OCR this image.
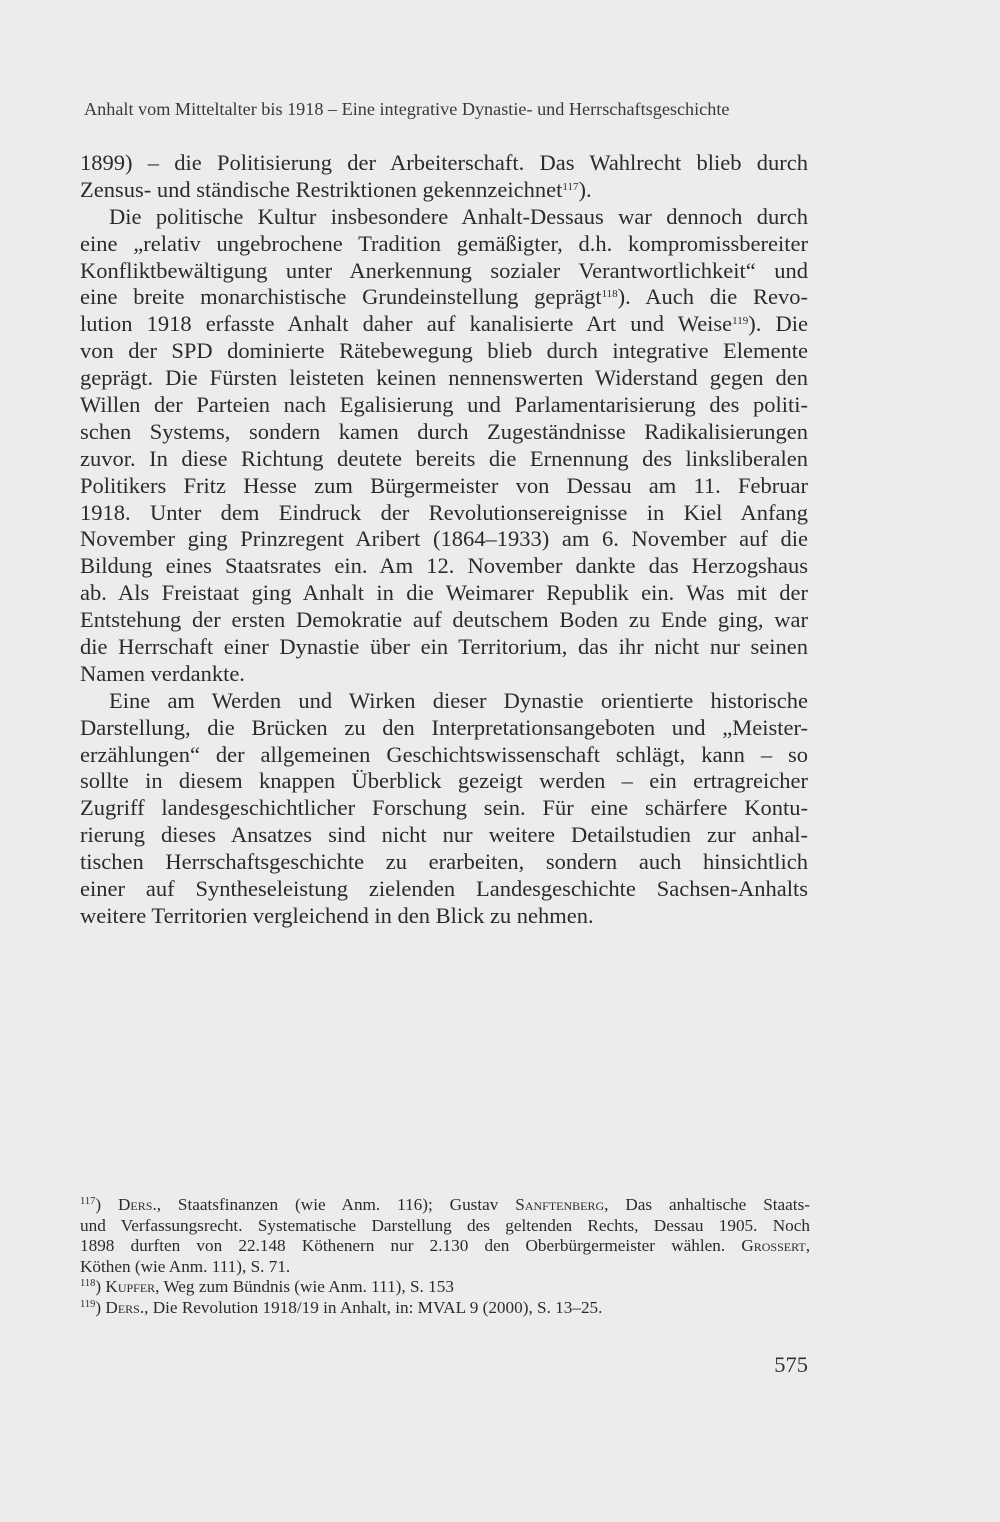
Anhalt vom Mitteltalter bis 1918 – Eine integrative Dynastie- und Herrschaftsgeschichte
1899) – die Politisierung der Arbeiterschaft. Das Wahlrecht blieb durch
Zensus- und ständische Restriktionen gekennzeichnet$^{117}$).
Die politische Kultur insbesondere Anhalt-Dessaus war dennoch durch
eine „relativ ungebrochene Tradition gemäßigter, d.h. kompromissbereiter
Konfliktbewältigung unter Anerkennung sozialer Verantwortlichkeit“ und
eine breite monarchistische Grundeinstellung geprägt$^{118}$). Auch die Revo-
lution 1918 erfasste Anhalt daher auf kanalisierte Art und Weise$^{119}$). Die
von der SPD dominierte Rätebewegung blieb durch integrative Elemente
geprägt. Die Fürsten leisteten keinen nennenswerten Widerstand gegen den
Willen der Parteien nach Egalisierung und Parlamentarisierung des politi-
schen Systems, sondern kamen durch Zugeständnisse Radikalisierungen
zuvor. In diese Richtung deutete bereits die Ernennung des linksliberalen
Politikers Fritz Hesse zum Bürgermeister von Dessau am 11. Februar
1918. Unter dem Eindruck der Revolutionsereignisse in Kiel Anfang
November ging Prinzregent Aribert (1864–1933) am 6. November auf die
Bildung eines Staatsrates ein. Am 12. November dankte das Herzogshaus
ab. Als Freistaat ging Anhalt in die Weimarer Republik ein. Was mit der
Entstehung der ersten Demokratie auf deutschem Boden zu Ende ging, war
die Herrschaft einer Dynastie über ein Territorium, das ihr nicht nur seinen
Namen verdankte.
Eine am Werden und Wirken dieser Dynastie orientierte historische
Darstellung, die Brücken zu den Interpretationsangeboten und „Meister-
erzählungen“ der allgemeinen Geschichtswissenschaft schlägt, kann – so
sollte in diesem knappen Überblick gezeigt werden – ein ertragreicher
Zugriff landesgeschichtlicher Forschung sein. Für eine schärfere Kontu-
rierung dieses Ansatzes sind nicht nur weitere Detailstudien zur anhal-
tischen Herrschaftsgeschichte zu erarbeiten, sondern auch hinsichtlich
einer auf Syntheseleistung zielenden Landesgeschichte Sachsen-Anhalts
weitere Territorien vergleichend in den Blick zu nehmen.
$^{117}$) Ders., Staatsfinanzen (wie Anm. 116); Gustav Sanftenberg, Das anhaltische Staats-
und Verfassungsrecht. Systematische Darstellung des geltenden Rechts, Dessau 1905. Noch
1898 durften von 22.148 Köthenern nur 2.130 den Oberbürgermeister wählen. Grossert,
Köthen (wie Anm. 111), S. 71.
$^{118}$) Kupfer, Weg zum Bündnis (wie Anm. 111), S. 153
$^{119}$) Ders., Die Revolution 1918/19 in Anhalt, in: MVAL 9 (2000), S. 13–25.
575
